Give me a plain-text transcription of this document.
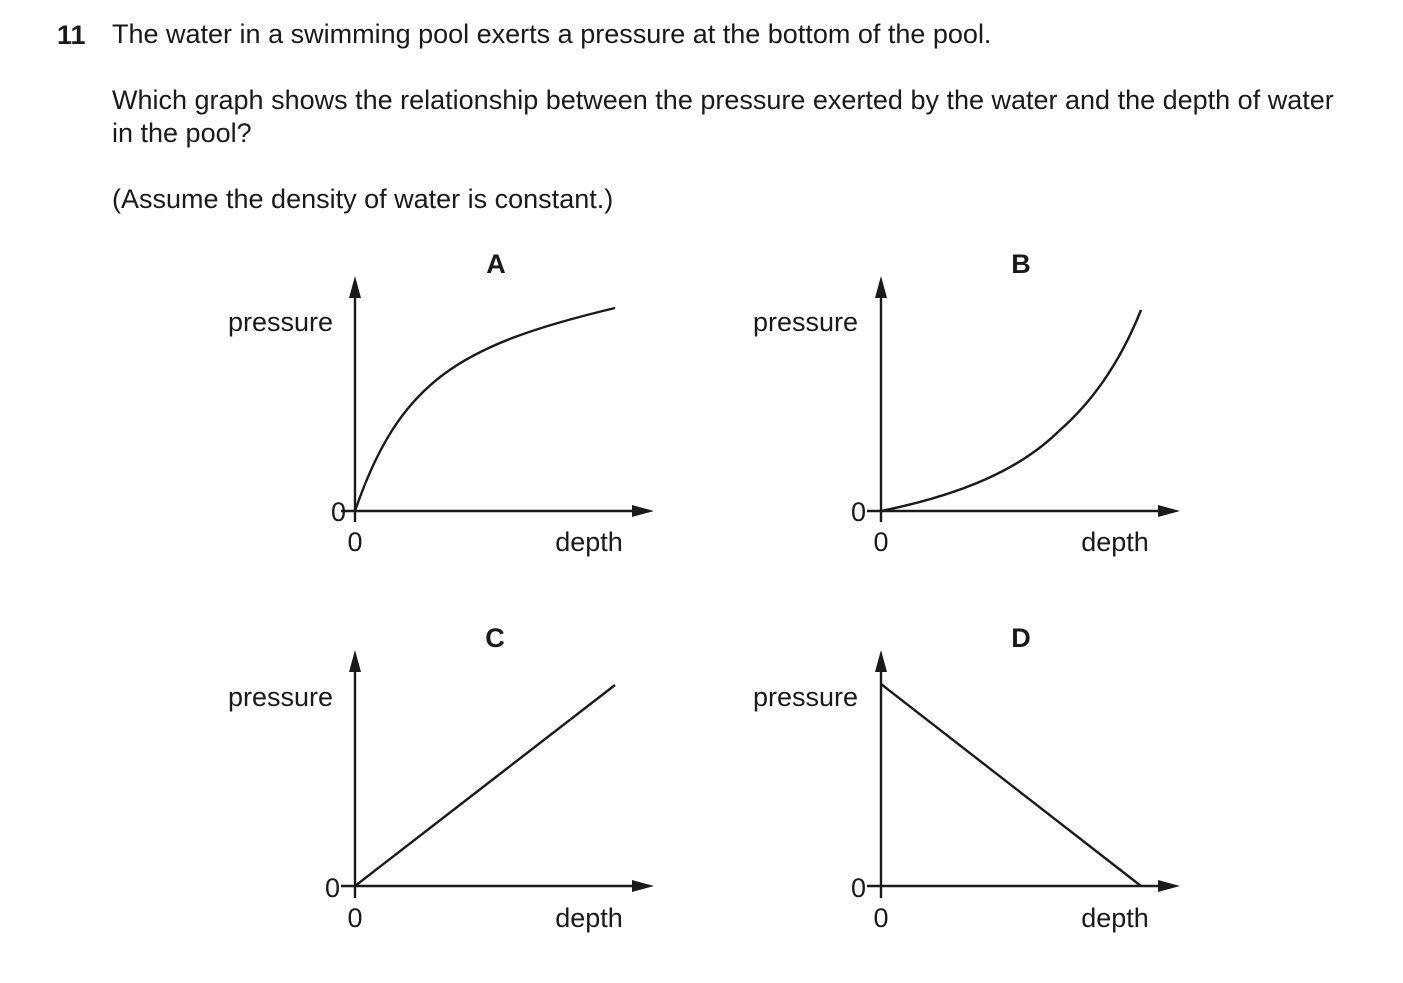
11 The water in a swimming pool exerts a pressure at the bottom of the pool.

Which graph shows the relationship between the pressure exerted by the water and the depth of water in the pool?

(Assume the density of water is constant.)

A
pressure
0
0	depth
B
pressure
0
0	depth
C
pressure
0
0	depth
D
pressure
0
0	depth
